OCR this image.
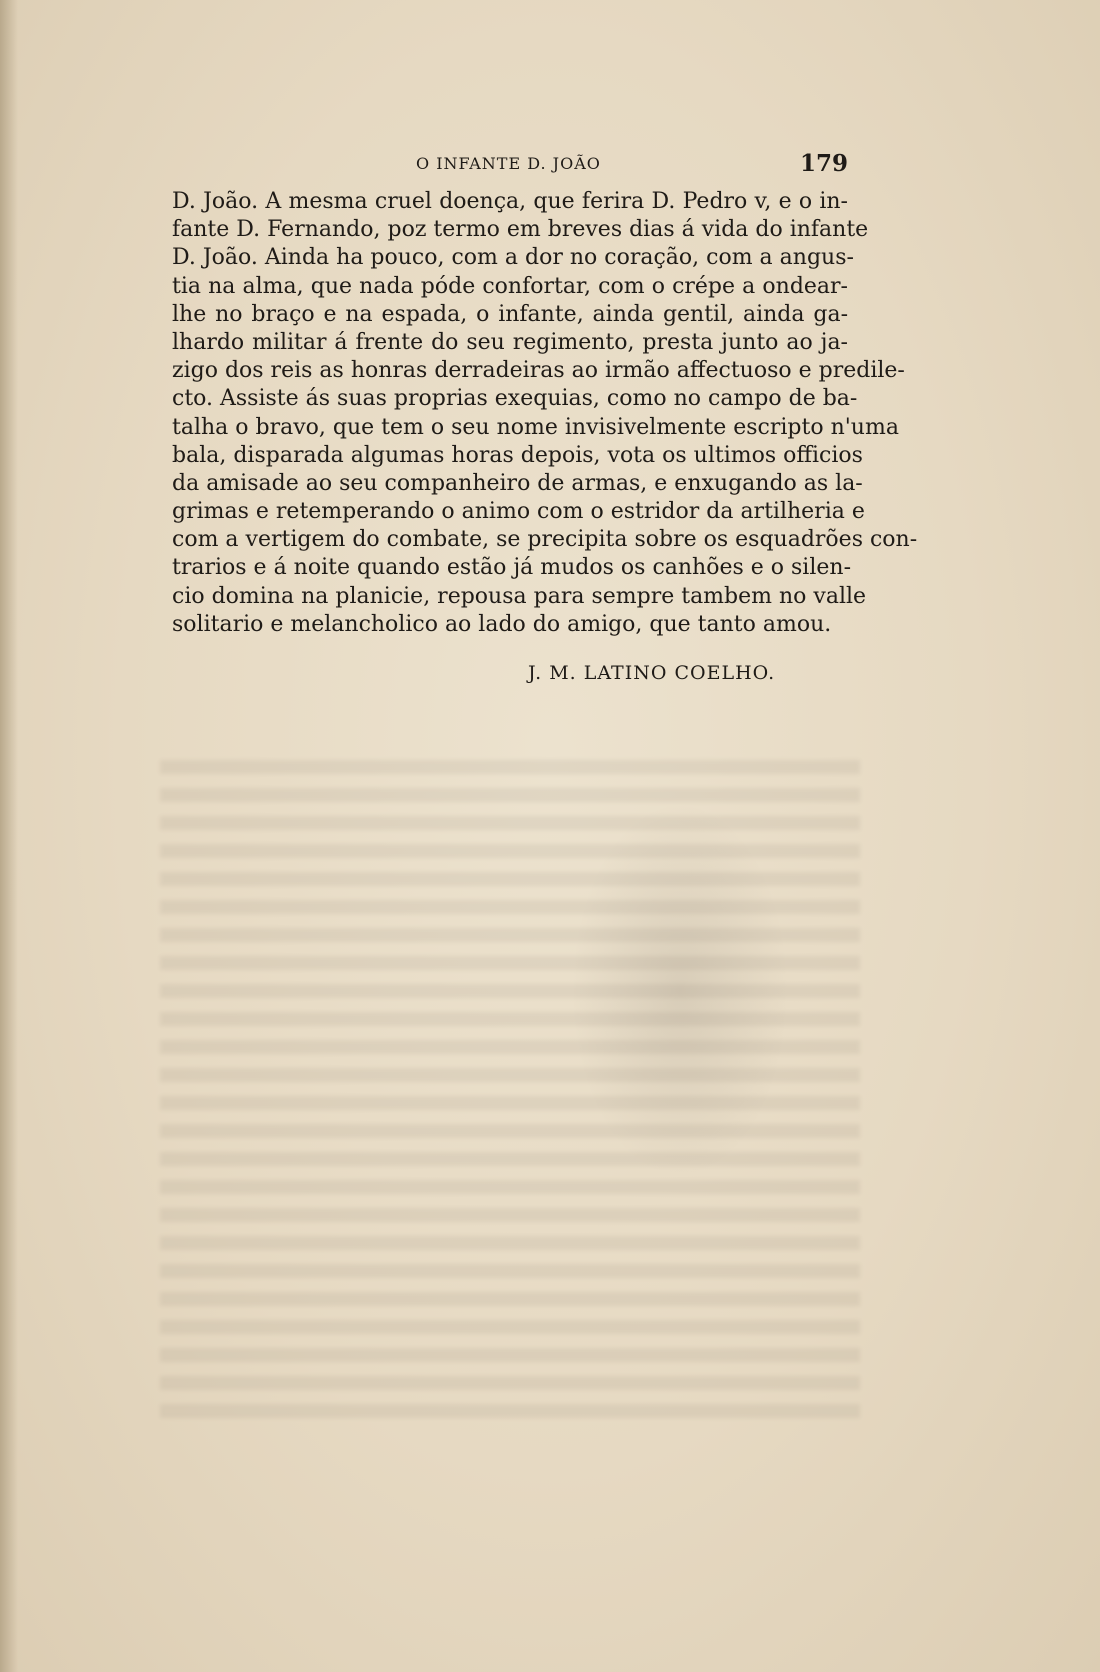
O INFANTE D. JOÃO	179
D. João. A mesma cruel doença, que ferira D. Pedro v, e o in-
fante D. Fernando, poz termo em breves dias á vida do infante
D. João. Ainda ha pouco, com a dor no coração, com a angus-
tia na alma, que nada póde confortar, com o crépe a ondear-
lhe no braço e na espada, o infante, ainda gentil, ainda ga-
lhardo militar á frente do seu regimento, presta junto ao ja-
zigo dos reis as honras derradeiras ao irmão affectuoso e predile-
cto. Assiste ás suas proprias exequias, como no campo de ba-
talha o bravo, que tem o seu nome invisivelmente escripto n'uma
bala, disparada algumas horas depois, vota os ultimos officios
da amisade ao seu companheiro de armas, e enxugando as la-
grimas e retemperando o animo com o estridor da artilheria e
com a vertigem do combate, se precipita sobre os esquadrões con-
trarios e á noite quando estão já mudos os canhões e o silen-
cio domina na planicie, repousa para sempre tambem no valle
solitario e melancholico ao lado do amigo, que tanto amou.
J. M. LATINO COELHO.
